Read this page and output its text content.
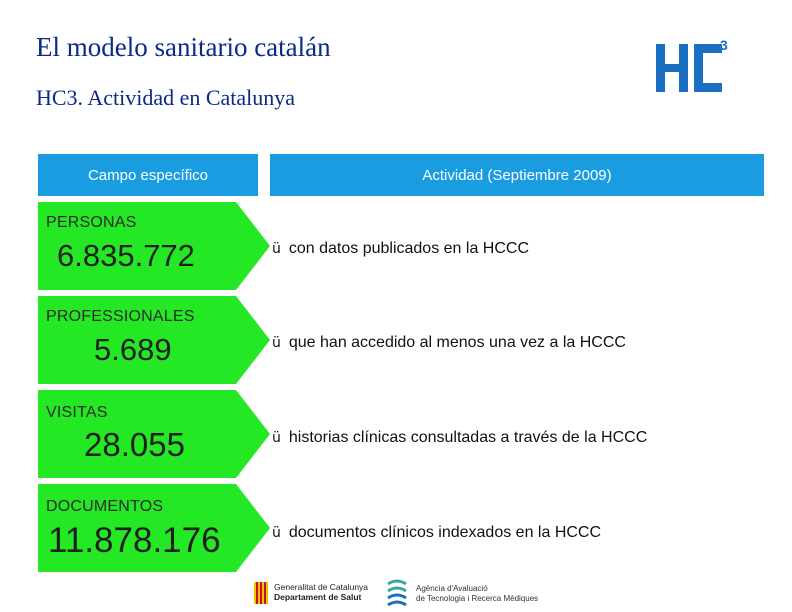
El modelo sanitario catalán
HC3. Actividad en Catalunya
3
Campo específico	Actividad (Septiembre 2009)
PERSONAS
6.835.772	ü con datos publicados en la HCCC
PROFESSIONALES
5.689	ü que han accedido al menos una vez a la HCCC
VISITAS
28.055	ü historias clínicas consultadas a través de la HCCC
DOCUMENTOS
11.878.176	ü documentos clínicos indexados en la HCCC
Generalitat de Catalunya
Departament de Salut
Agència d'Avaluació
de Tecnologia i Recerca Mèdiques
